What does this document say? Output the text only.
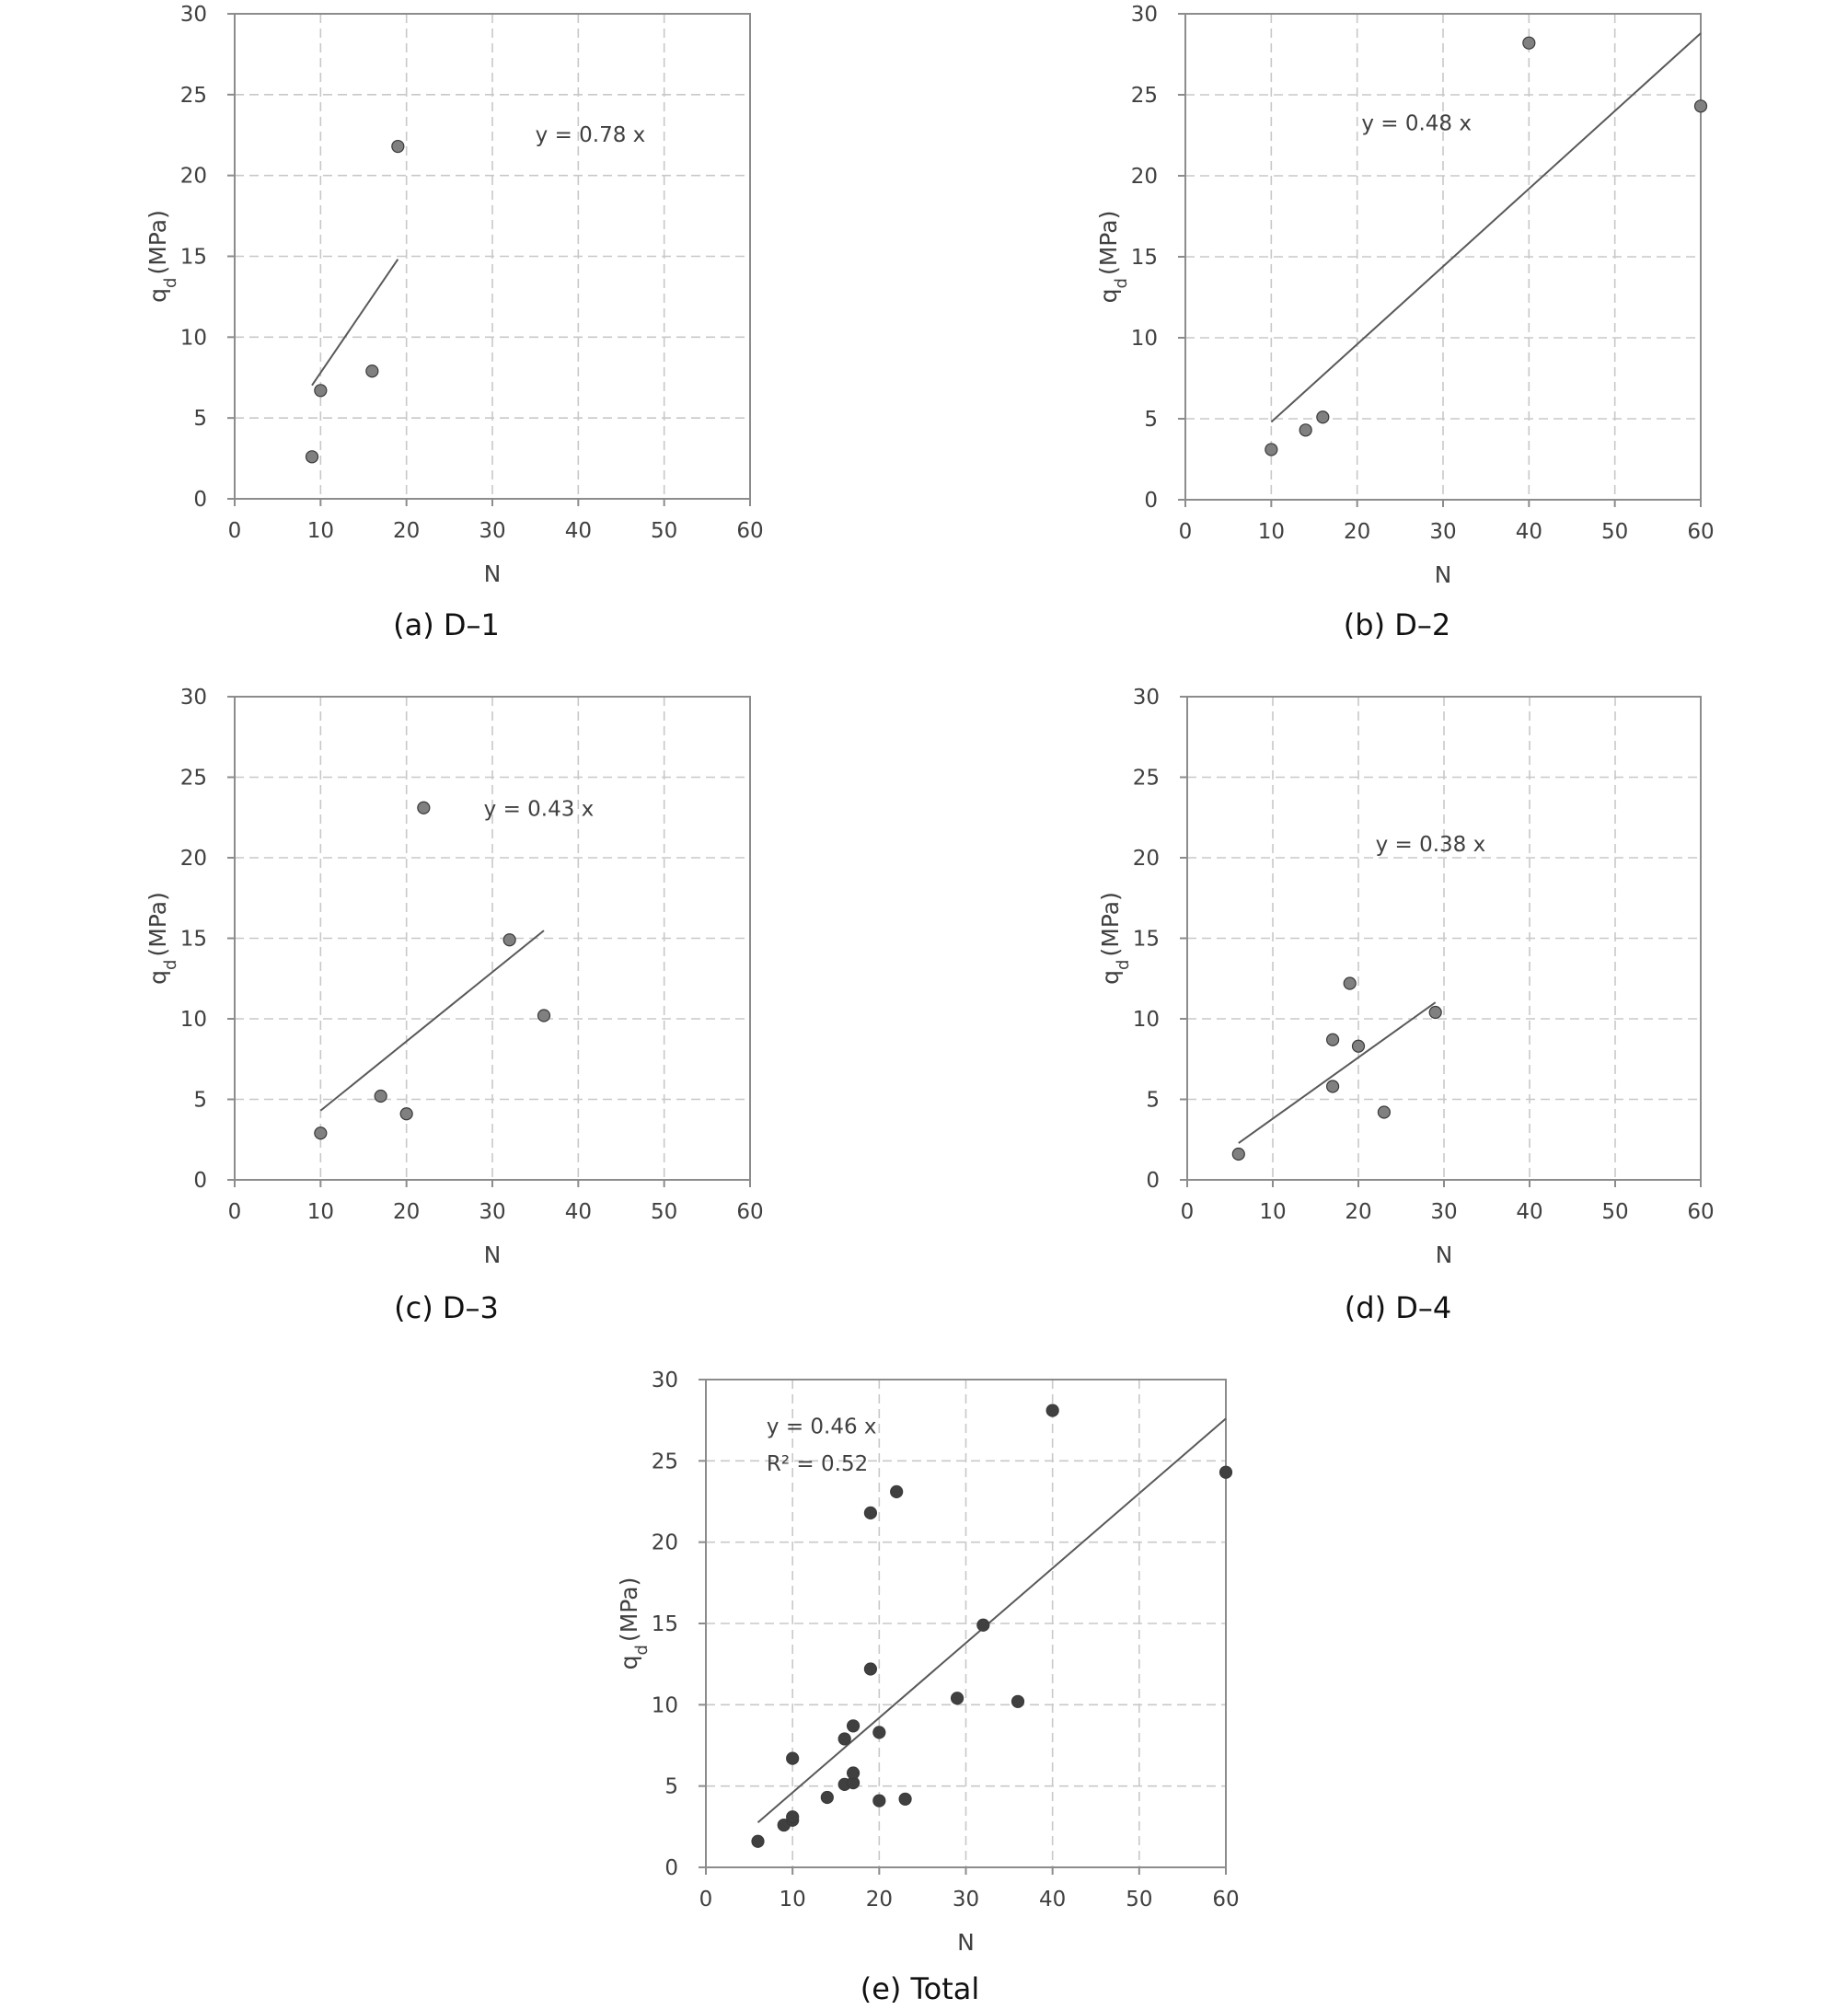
0	10	20	30	40	50	60
0
5
10
15
20
25
30
N
$q_d(MPa)$
y = 0.78 x
(a) D–1
0	10	20	30	40	50	60
0
5
10
15
20
25
30
N
$q_d(MPa)$
y = 0.48 x
(b) D–2
0	10	20	30	40	50	60
0
5
10
15
20
25
30
N
$q_d(MPa)$
y = 0.43 x
(c) D–3
0	10	20	30	40	50	60
0
5
10
15
20
25
30
N
$q_d(MPa)$
y = 0.38 x
(d) D–4
0	10	20	30	40	50	60
0
5
10
15
20
25
30
N
$q_d(MPa)$
y = 0.46 x
R² = 0.52
(e) Total
